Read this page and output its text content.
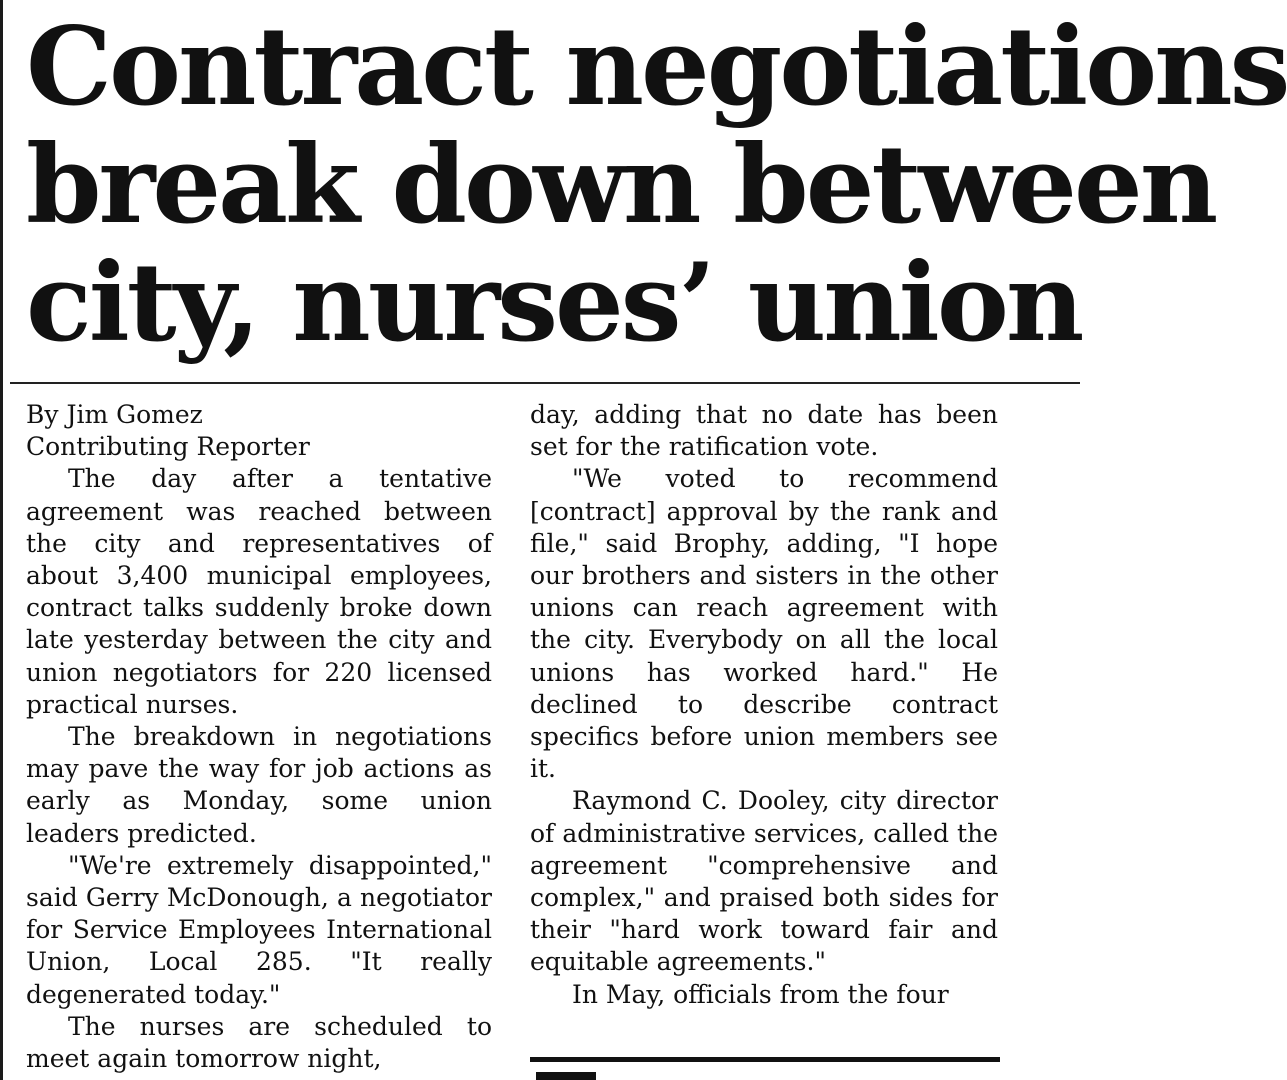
Contract negotiations
break down between
city, nurses’ union

By Jim Gomez
Contributing Reporter

The day after a tentative agreement was reached between the city and representatives of about 3,400 municipal employees, contract talks suddenly broke down late yesterday between the city and union negotiators for 220 licensed practical nurses.

The breakdown in negotiations may pave the way for job actions as early as Monday, some union leaders predicted.

"We're extremely disappointed," said Gerry McDonough, a negotiator for Service Employees International Union, Local 285. "It really degenerated today."

The nurses are scheduled to meet again tomorrow night,

day, adding that no date has been set for the ratification vote.

"We voted to recommend [contract] approval by the rank and file," said Brophy, adding, "I hope our brothers and sisters in the other unions can reach agreement with the city. Everybody on all the local unions has worked hard." He declined to describe contract specifics before union members see it.

Raymond C. Dooley, city director of administrative services, called the agreement "comprehensive and complex," and praised both sides for their "hard work toward fair and equitable agreements."

In May, officials from the four
